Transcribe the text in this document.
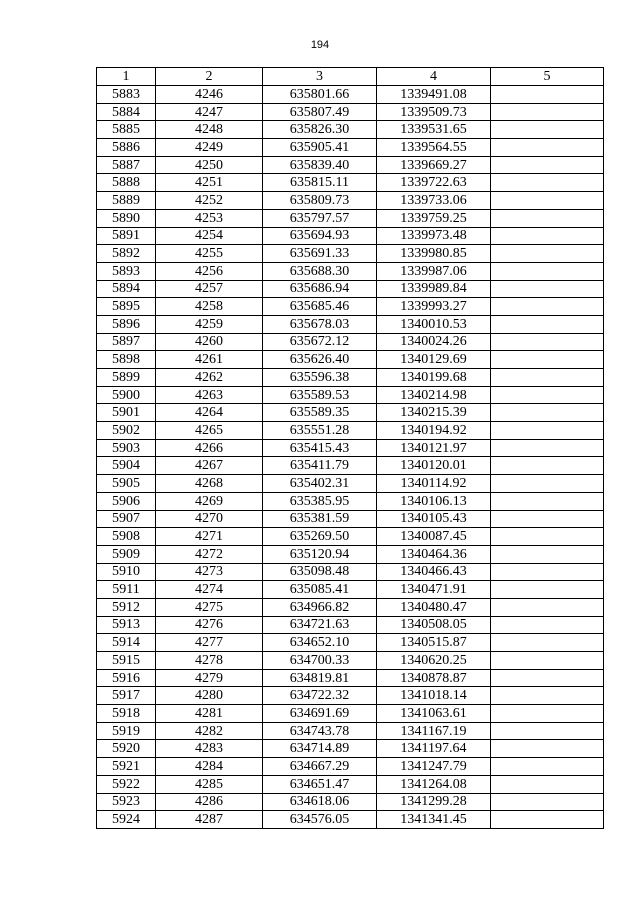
194
1	2	3	4	5
5883	4246	635801.66	1339491.08	
5884	4247	635807.49	1339509.73	
5885	4248	635826.30	1339531.65	
5886	4249	635905.41	1339564.55	
5887	4250	635839.40	1339669.27	
5888	4251	635815.11	1339722.63	
5889	4252	635809.73	1339733.06	
5890	4253	635797.57	1339759.25	
5891	4254	635694.93	1339973.48	
5892	4255	635691.33	1339980.85	
5893	4256	635688.30	1339987.06	
5894	4257	635686.94	1339989.84	
5895	4258	635685.46	1339993.27	
5896	4259	635678.03	1340010.53	
5897	4260	635672.12	1340024.26	
5898	4261	635626.40	1340129.69	
5899	4262	635596.38	1340199.68	
5900	4263	635589.53	1340214.98	
5901	4264	635589.35	1340215.39	
5902	4265	635551.28	1340194.92	
5903	4266	635415.43	1340121.97	
5904	4267	635411.79	1340120.01	
5905	4268	635402.31	1340114.92	
5906	4269	635385.95	1340106.13	
5907	4270	635381.59	1340105.43	
5908	4271	635269.50	1340087.45	
5909	4272	635120.94	1340464.36	
5910	4273	635098.48	1340466.43	
5911	4274	635085.41	1340471.91	
5912	4275	634966.82	1340480.47	
5913	4276	634721.63	1340508.05	
5914	4277	634652.10	1340515.87	
5915	4278	634700.33	1340620.25	
5916	4279	634819.81	1340878.87	
5917	4280	634722.32	1341018.14	
5918	4281	634691.69	1341063.61	
5919	4282	634743.78	1341167.19	
5920	4283	634714.89	1341197.64	
5921	4284	634667.29	1341247.79	
5922	4285	634651.47	1341264.08	
5923	4286	634618.06	1341299.28	
5924	4287	634576.05	1341341.45	
